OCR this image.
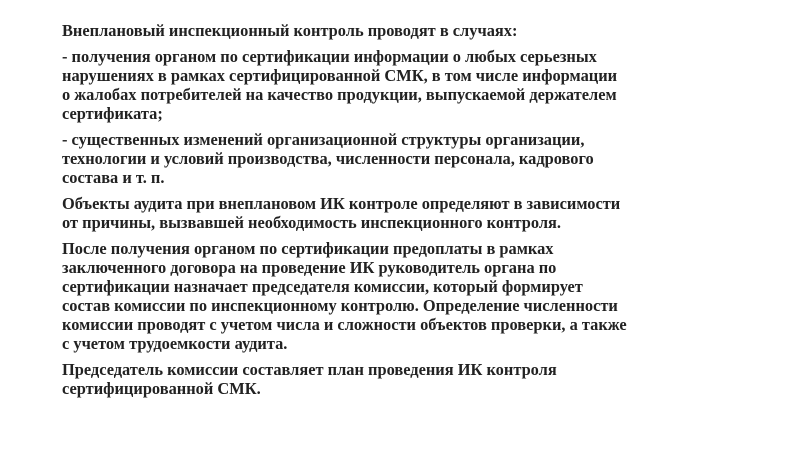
Внеплановый инспекционный контроль проводят в случаях:

- получения органом по сертификации информации о любых серьезных
нарушениях в рамках сертифицированной СМК, в том числе информации
о жалобах потребителей на качество продукции, выпускаемой держателем
сертификата;

- существенных изменений организационной структуры организации,
технологии и условий производства, численности персонала, кадрового
состава и т. п.

Объекты аудита при внеплановом ИК контроле определяют в зависимости
от причины, вызвавшей необходимость инспекционного контроля.

После получения органом по сертификации предоплаты в рамках
заключенного договора на проведение ИК руководитель органа по
сертификации назначает председателя комиссии, который формирует
состав комиссии по инспекционному контролю. Определение численности
комиссии проводят с учетом числа и сложности объектов проверки, а также
с учетом трудоемкости аудита.

Председатель комиссии составляет план проведения ИК контроля
сертифицированной СМК.
